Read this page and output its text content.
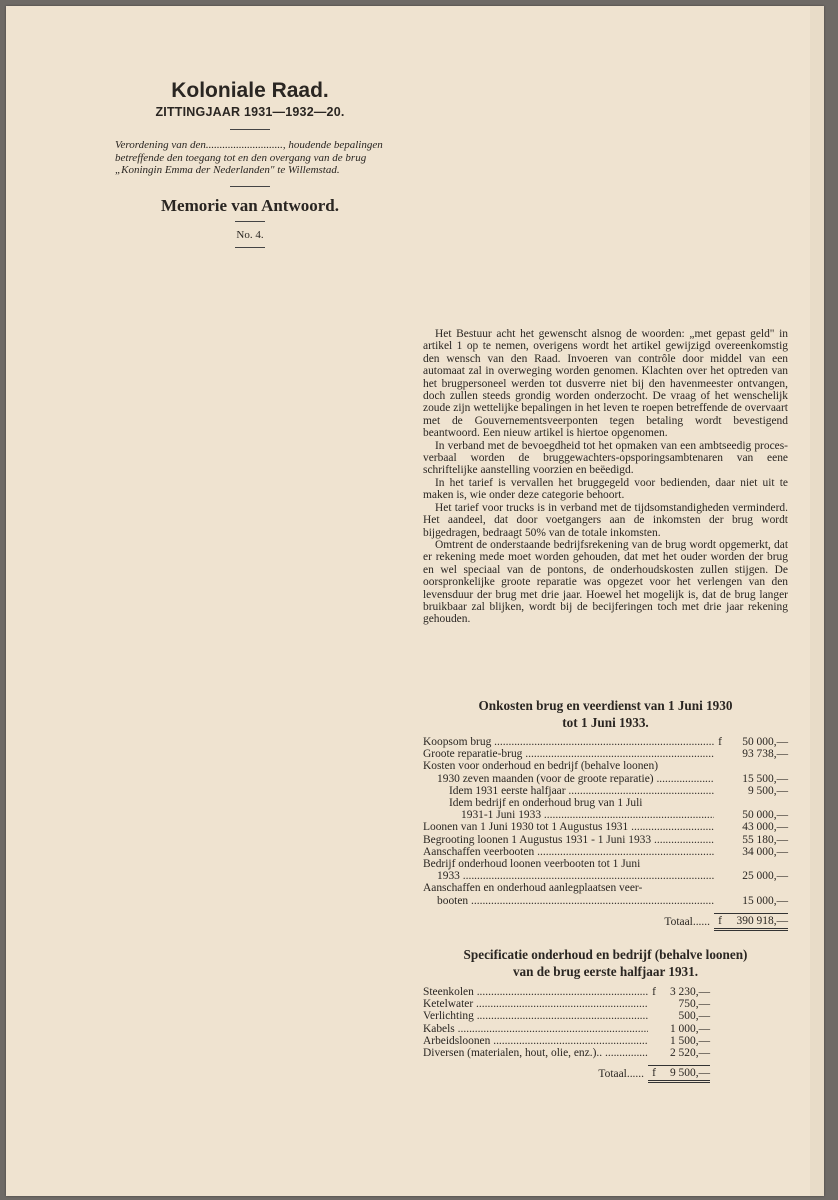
Koloniale Raad.
ZITTINGJAAR 1931—1932—20.
Verordening van den............................, houdende bepalingen betreffende den toegang tot en den overgang van de brug „Koningin Emma der Nederlanden" te Willemstad.
Memorie van Antwoord.
No. 4.

Het Bestuur acht het gewenscht alsnog de woorden: „met gepast geld" in artikel 1 op te nemen, overigens wordt het artikel gewijzigd overeenkomstig den wensch van den Raad. Invoeren van contrôle door middel van een automaat zal in overweging worden genomen. Klachten over het optreden van het brugpersoneel werden tot dusverre niet bij den havenmeester ontvangen, doch zullen steeds grondig worden onderzocht. De vraag of het wenschelijk zoude zijn wettelijke bepalingen in het leven te roepen betreffende de overvaart met de Gouvernementsveerponten tegen betaling wordt bevestigend beantwoord. Een nieuw artikel is hiertoe opgenomen.

In verband met de bevoegdheid tot het opmaken van een ambtseedig proces-verbaal worden de bruggewachters-opsporingsambtenaren van eene schriftelijke aanstelling voorzien en beëedigd.

In het tarief is vervallen het bruggegeld voor bedienden, daar niet uit te maken is, wie onder deze categorie behoort.

Het tarief voor trucks is in verband met de tijdsomstandigheden verminderd. Het aandeel, dat door voetgangers aan de inkomsten der brug wordt bijgedragen, bedraagt 50% van de totale inkomsten.

Omtrent de onderstaande bedrijfsrekening van de brug wordt opgemerkt, dat er rekening mede moet worden gehouden, dat met het ouder worden der brug en wel speciaal van de pontons, de onderhoudskosten zullen stijgen. De oorspronkelijke groote reparatie was opgezet voor het verlengen van den levensduur der brug met drie jaar. Hoewel het mogelijk is, dat de brug langer bruikbaar zal blijken, wordt bij de becijferingen toch met drie jaar rekening gehouden.

Onkosten brug en veerdienst van 1 Juni 1930
tot 1 Juni 1933.
Koopsom brug .....	f	50 000,—
Groote reparatie-brug .....	93 738,—
Kosten voor onderhoud en bedrijf (behalve loonen)
1930 zeven maanden (voor de groote reparatie) .....	15 500,—
Idem 1931 eerste halfjaar .....	9 500,—
Idem bedrijf en onderhoud brug van 1 Juli
1931-1 Juni 1933 .....	50 000,—
Loonen van 1 Juni 1930 tot 1 Augustus 1931 .....	43 000,—
Begrooting loonen 1 Augustus 1931 - 1 Juni 1933 .....	55 180,—
Aanschaffen veerbooten .....	34 000,—
Bedrijf onderhoud loonen veerbooten tot 1 Juni
1933 .....	25 000,—
Aanschaffen en onderhoud aanlegplaatsen veer-
booten .....	15 000,—
Totaal...... f	390 918,—
Specificatie onderhoud en bedrijf (behalve loonen)
van de brug eerste halfjaar 1931.
Steenkolen .....	f	3 230,—
Ketelwater .....	750,—
Verlichting .....	500,—
Kabels .....	1 000,—
Arbeidsloonen .....	1 500,—
Diversen (materialen, hout, olie, enz.).. .....	2 520,—
Totaal...... f	9 500,—
